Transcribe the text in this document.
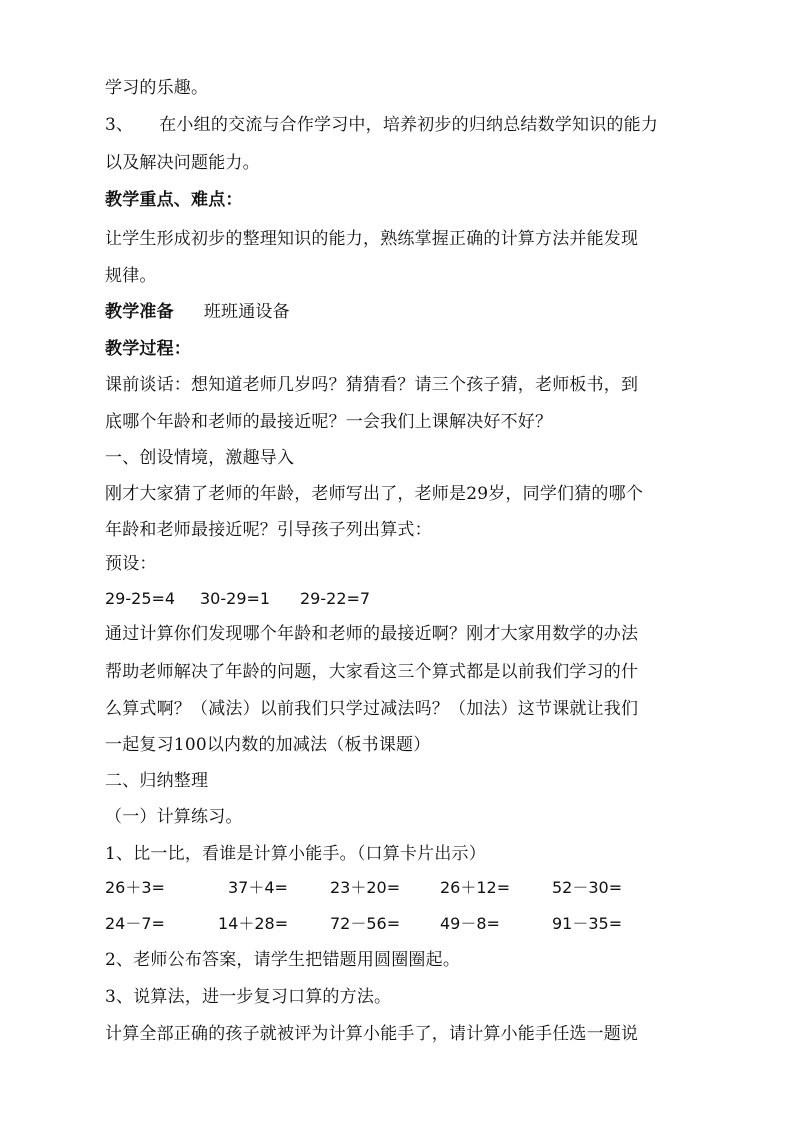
学习的乐趣。
3、 在小组的交流与合作学习中，培养初步的归纳总结数学知识的能力
以及解决问题能力。
教学重点、难点：
让学生形成初步的整理知识的能力，熟练掌握正确的计算方法并能发现
规律。
教学准备 班班通设备
教学过程：
课前谈话：想知道老师几岁吗？猜猜看？请三个孩子猜，老师板书，到
底哪个年龄和老师的最接近呢？一会我们上课解决好不好？
一、创设情境，激趣导入
刚才大家猜了老师的年龄，老师写出了，老师是29岁，同学们猜的哪个
年龄和老师最接近呢？引导孩子列出算式：
预设：
29-25=4 30-29=1 29-22=7
通过计算你们发现哪个年龄和老师的最接近啊？刚才大家用数学的办法
帮助老师解决了年龄的问题，大家看这三个算式都是以前我们学习的什
么算式啊？（减法）以前我们只学过减法吗？（加法）这节课就让我们
一起复习100以内数的加减法（板书课题）
二、归纳整理
（一）计算练习。
1、比一比，看谁是计算小能手。（口算卡片出示）
26＋3=	37＋4=	23＋20= 26＋12=	52－30=
24－7=	14＋28=	72－56= 49－8=	91－35=
2、老师公布答案，请学生把错题用圆圈圈起。
3、说算法，进一步复习口算的方法。
计算全部正确的孩子就被评为计算小能手了，请计算小能手任选一题说
